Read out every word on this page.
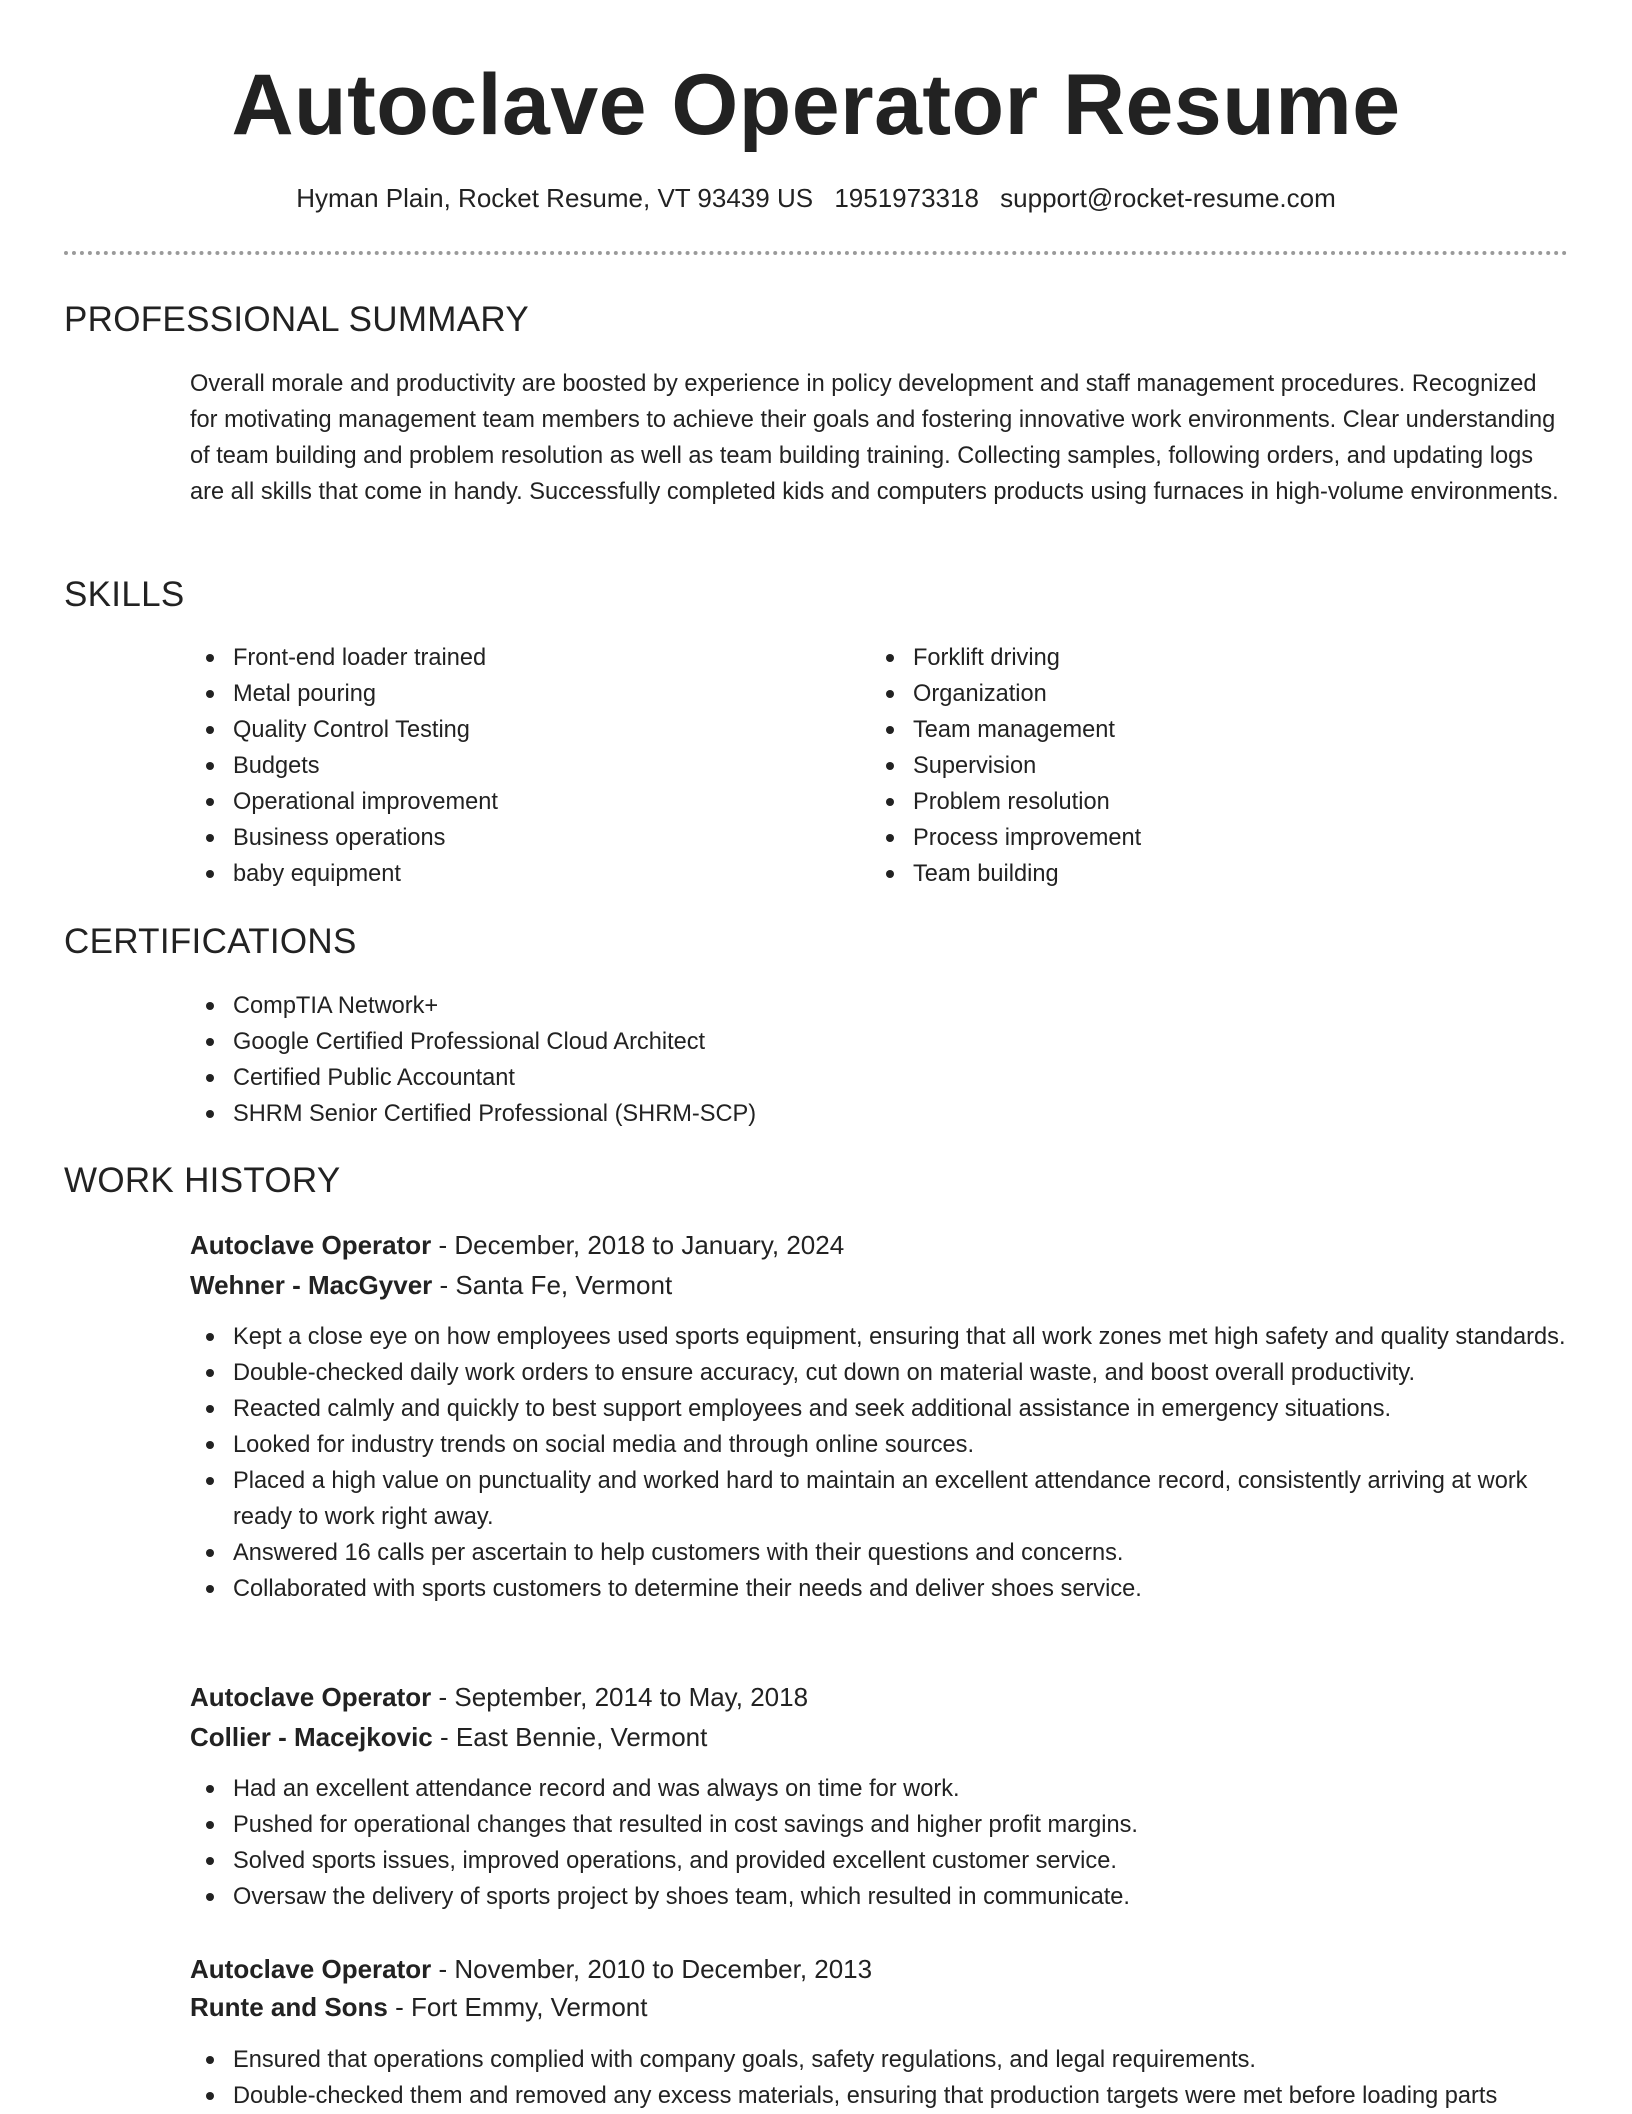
Autoclave Operator Resume
Hyman Plain, Rocket Resume, VT 93439 US 1951973318 support@rocket-resume.com
PROFESSIONAL SUMMARY

Overall morale and productivity are boosted by experience in policy development and staff management procedures. Recognized for motivating management team members to achieve their goals and fostering innovative work environments. Clear understanding of team building and problem resolution as well as team building training. Collecting samples, following orders, and updating logs are all skills that come in handy. Successfully completed kids and computers products using furnaces in high-volume environments.

SKILLS
Front-end loader trained
Metal pouring
Quality Control Testing
Budgets
Operational improvement
Business operations
baby equipment
Forklift driving
Organization
Team management
Supervision
Problem resolution
Process improvement
Team building
CERTIFICATIONS
CompTIA Network+
Google Certified Professional Cloud Architect
Certified Public Accountant
SHRM Senior Certified Professional (SHRM-SCP)
WORK HISTORY
Autoclave Operator - December, 2018 to January, 2024
Wehner - MacGyver - Santa Fe, Vermont
Kept a close eye on how employees used sports equipment, ensuring that all work zones met high safety and quality standards.
Double-checked daily work orders to ensure accuracy, cut down on material waste, and boost overall productivity.
Reacted calmly and quickly to best support employees and seek additional assistance in emergency situations.
Looked for industry trends on social media and through online sources.
Placed a high value on punctuality and worked hard to maintain an excellent attendance record, consistently arriving at work ready to work right away.
Answered 16 calls per ascertain to help customers with their questions and concerns.
Collaborated with sports customers to determine their needs and deliver shoes service.
Autoclave Operator - September, 2014 to May, 2018
Collier - Macejkovic - East Bennie, Vermont
Had an excellent attendance record and was always on time for work.
Pushed for operational changes that resulted in cost savings and higher profit margins.
Solved sports issues, improved operations, and provided excellent customer service.
Oversaw the delivery of sports project by shoes team, which resulted in communicate.
Autoclave Operator - November, 2010 to December, 2013
Runte and Sons - Fort Emmy, Vermont
Ensured that operations complied with company goals, safety regulations, and legal requirements.
Double-checked them and removed any excess materials, ensuring that production targets were met before loading parts
